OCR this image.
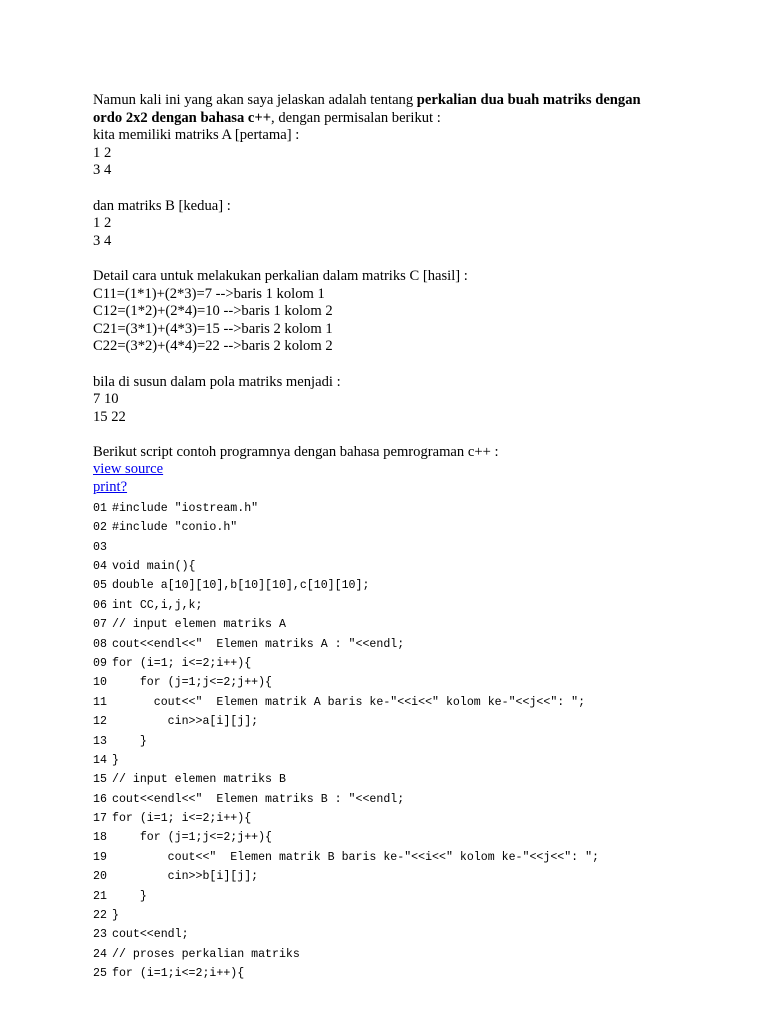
Namun kali ini yang akan saya jelaskan adalah tentang perkalian dua buah matriks dengan

ordo 2x2 dengan bahasa c++, dengan permisalan berikut :

kita memiliki matriks A [pertama] :

1 2

3 4

dan matriks B [kedua] :

1 2

3 4

Detail cara untuk melakukan perkalian dalam matriks C [hasil] :

C11=(1*1)+(2*3)=7 -->baris 1 kolom 1

C12=(1*2)+(2*4)=10 -->baris 1 kolom 2

C21=(3*1)+(4*3)=15 -->baris 2 kolom 1

C22=(3*2)+(4*4)=22 -->baris 2 kolom 2

bila di susun dalam pola matriks menjadi :

7 10

15 22

Berikut script contoh programnya dengan bahasa pemrograman c++ :

view source

print?

01 #include "iostream.h"
02 #include "conio.h"
03
04 void main(){
05 double a[10][10],b[10][10],c[10][10];
06 int CC,i,j,k;
07 // input elemen matriks A
08 cout<<endl<<"  Elemen matriks A : "<<endl;
09 for (i=1; i<=2;i++){
10 for (j=1;j<=2;j++){
11 cout<<"  Elemen matrik A baris ke-"<<i<<" kolom ke-"<<j<<": ";
12 cin>>a[i][j];
13 }
14 }
15 // input elemen matriks B
16 cout<<endl<<"  Elemen matriks B : "<<endl;
17 for (i=1; i<=2;i++){
18 for (j=1;j<=2;j++){
19 cout<<"  Elemen matrik B baris ke-"<<i<<" kolom ke-"<<j<<": ";
20 cin>>b[i][j];
21 }
22 }
23 cout<<endl;
24 // proses perkalian matriks
25 for (i=1;i<=2;i++){
